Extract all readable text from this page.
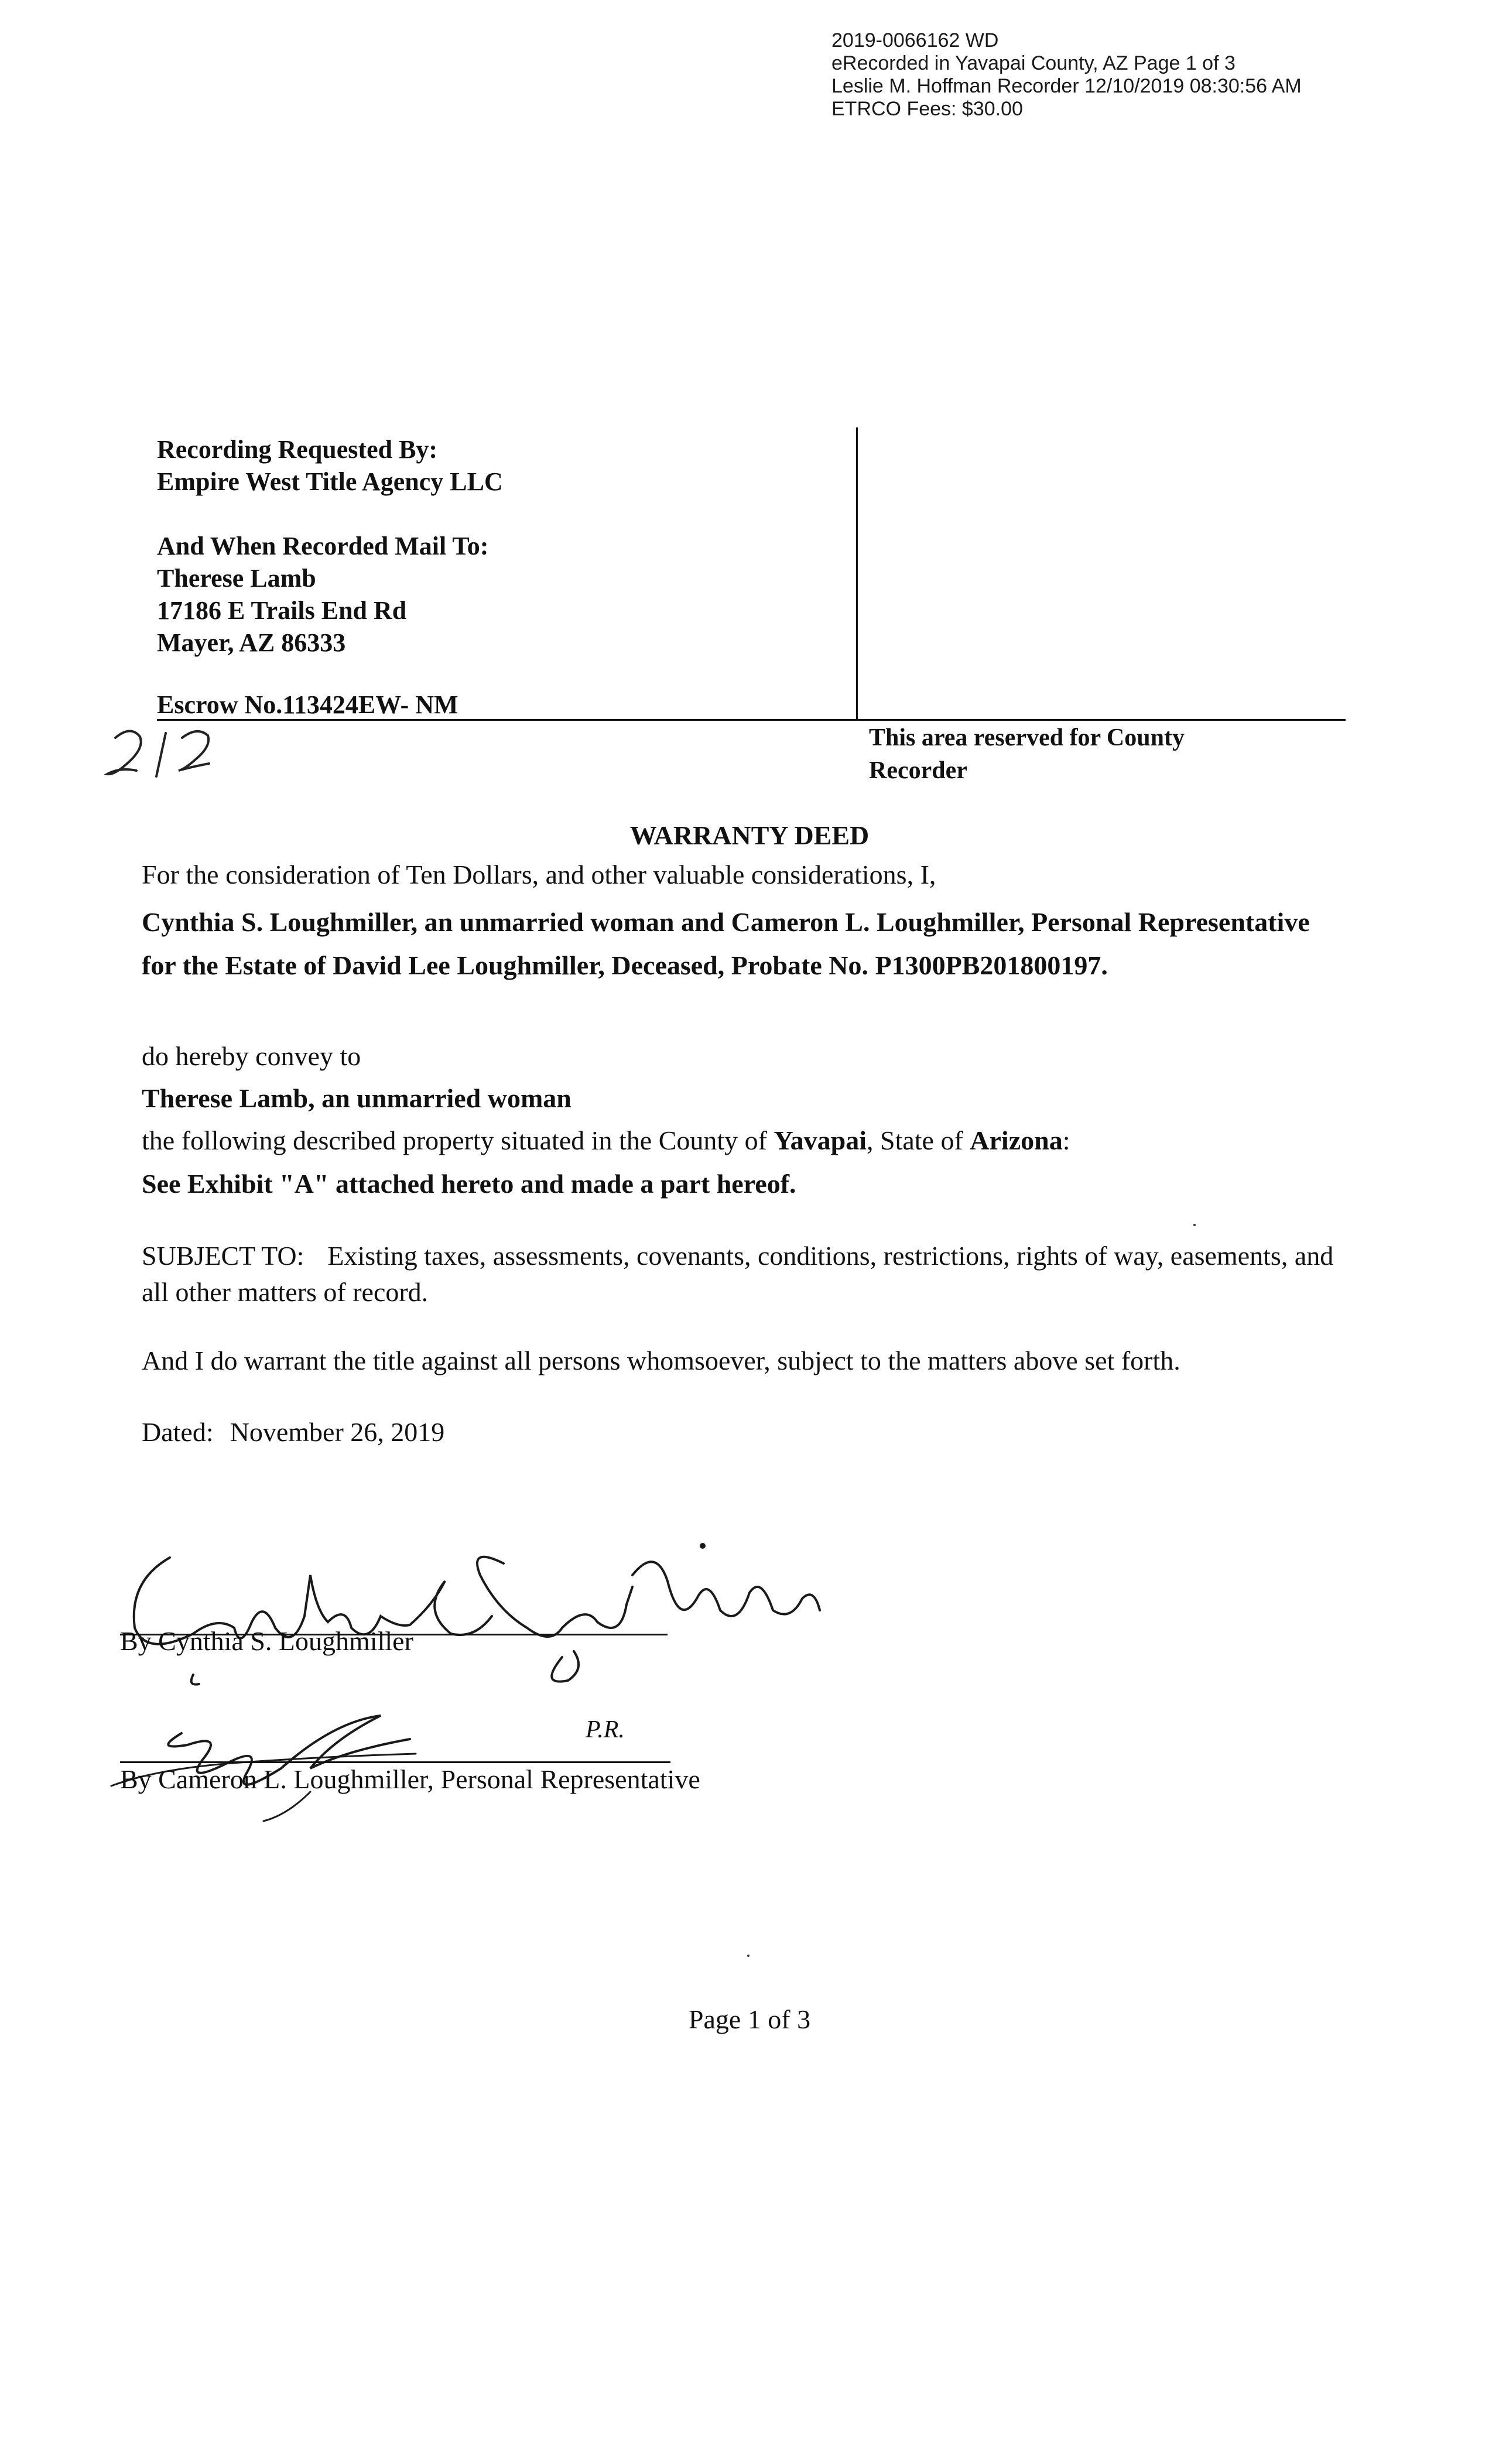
2019-0066162 WD
eRecorded in Yavapai County, AZ Page 1 of 3
Leslie M. Hoffman Recorder 12/10/2019 08:30:56 AM
ETRCO Fees: $30.00
Recording Requested By:
Empire West Title Agency LLC
And When Recorded Mail To:
Therese Lamb
17186 E Trails End Rd
Mayer, AZ 86333
Escrow No.113424EW- NM
This area reserved for County Recorder
WARRANTY DEED
For the consideration of Ten Dollars, and other valuable considerations, I,
Cynthia S. Loughmiller, an unmarried woman and Cameron L. Loughmiller, Personal Representative for the Estate of David Lee Loughmiller, Deceased, Probate No. P1300PB201800197.
do hereby convey to
Therese Lamb, an unmarried woman
the following described property situated in the County of Yavapai, State of Arizona:
See Exhibit "A" attached hereto and made a part hereof.
SUBJECT TO: Existing taxes, assessments, covenants, conditions, restrictions, rights of way, easements, and all other matters of record.
And I do warrant the title against all persons whomsoever, subject to the matters above set forth.
Dated: November 26, 2019
By Cynthia S. Loughmiller
P.R.
By Cameron L. Loughmiller, Personal Representative
Page 1 of 3
